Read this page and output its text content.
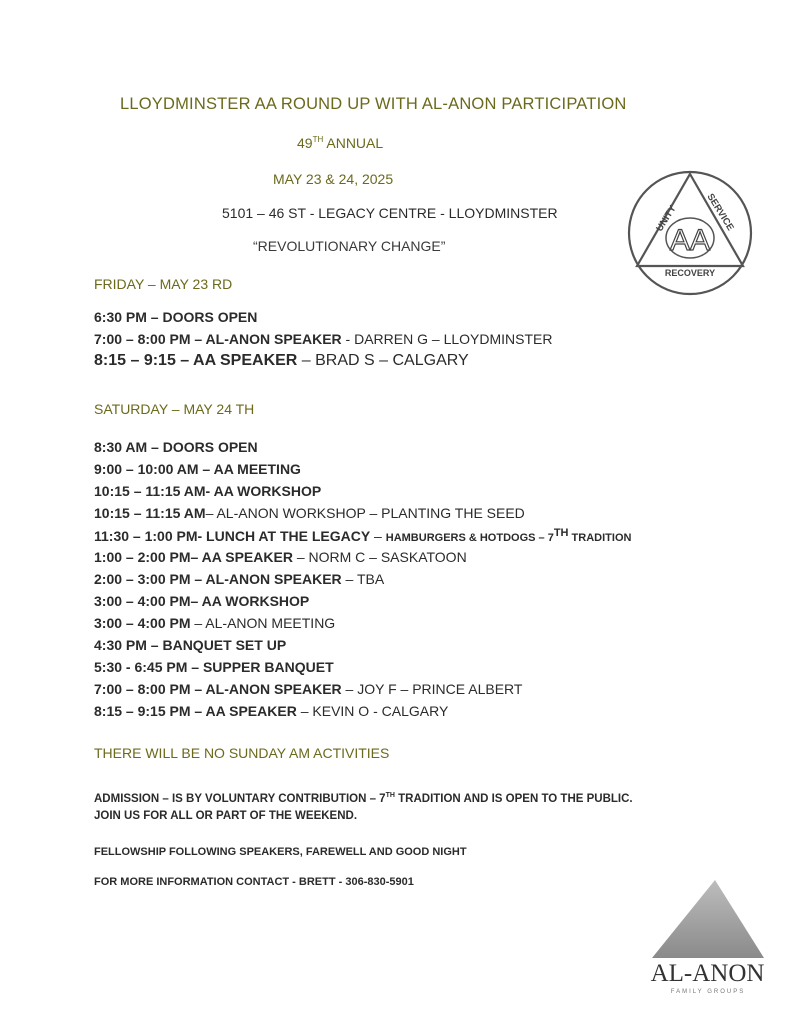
LLOYDMINSTER AA ROUND UP WITH AL-ANON PARTICIPATION
49TH ANNUAL
MAY 23 & 24, 2025
5101 – 46 ST - LEGACY CENTRE - LLOYDMINSTER
“REVOLUTIONARY CHANGE”	AA
UNITY	SERVICE
RECOVERY
FRIDAY – MAY 23 RD
6:30 PM – DOORS OPEN
7:00 – 8:00 PM – AL-ANON SPEAKER - DARREN G – LLOYDMINSTER
8:15 – 9:15 – AA SPEAKER – BRAD S – CALGARY
SATURDAY – MAY 24 TH
8:30 AM – DOORS OPEN
9:00 – 10:00 AM – AA MEETING
10:15 – 11:15 AM- AA WORKSHOP
10:15 – 11:15 AM– AL-ANON WORKSHOP – PLANTING THE SEED
11:30 – 1:00 PM- LUNCH AT THE LEGACY – HAMBURGERS & HOTDOGS – 7TH TRADITION
1:00 – 2:00 PM– AA SPEAKER – NORM C – SASKATOON
2:00 – 3:00 PM – AL-ANON SPEAKER – TBA
3:00 – 4:00 PM– AA WORKSHOP
3:00 – 4:00 PM – AL-ANON MEETING
4:30 PM – BANQUET SET UP
5:30 - 6:45 PM – SUPPER BANQUET
7:00 – 8:00 PM – AL-ANON SPEAKER – JOY F – PRINCE ALBERT
8:15 – 9:15 PM – AA SPEAKER – KEVIN O - CALGARY
THERE WILL BE NO SUNDAY AM ACTIVITIES
ADMISSION – IS BY VOLUNTARY CONTRIBUTION – 7TH TRADITION AND IS OPEN TO THE PUBLIC.
JOIN US FOR ALL OR PART OF THE WEEKEND.
FELLOWSHIP FOLLOWING SPEAKERS, FAREWELL AND GOOD NIGHT
FOR MORE INFORMATION CONTACT - BRETT - 306-830-5901
AL-ANON
FAMILY GROUPS
